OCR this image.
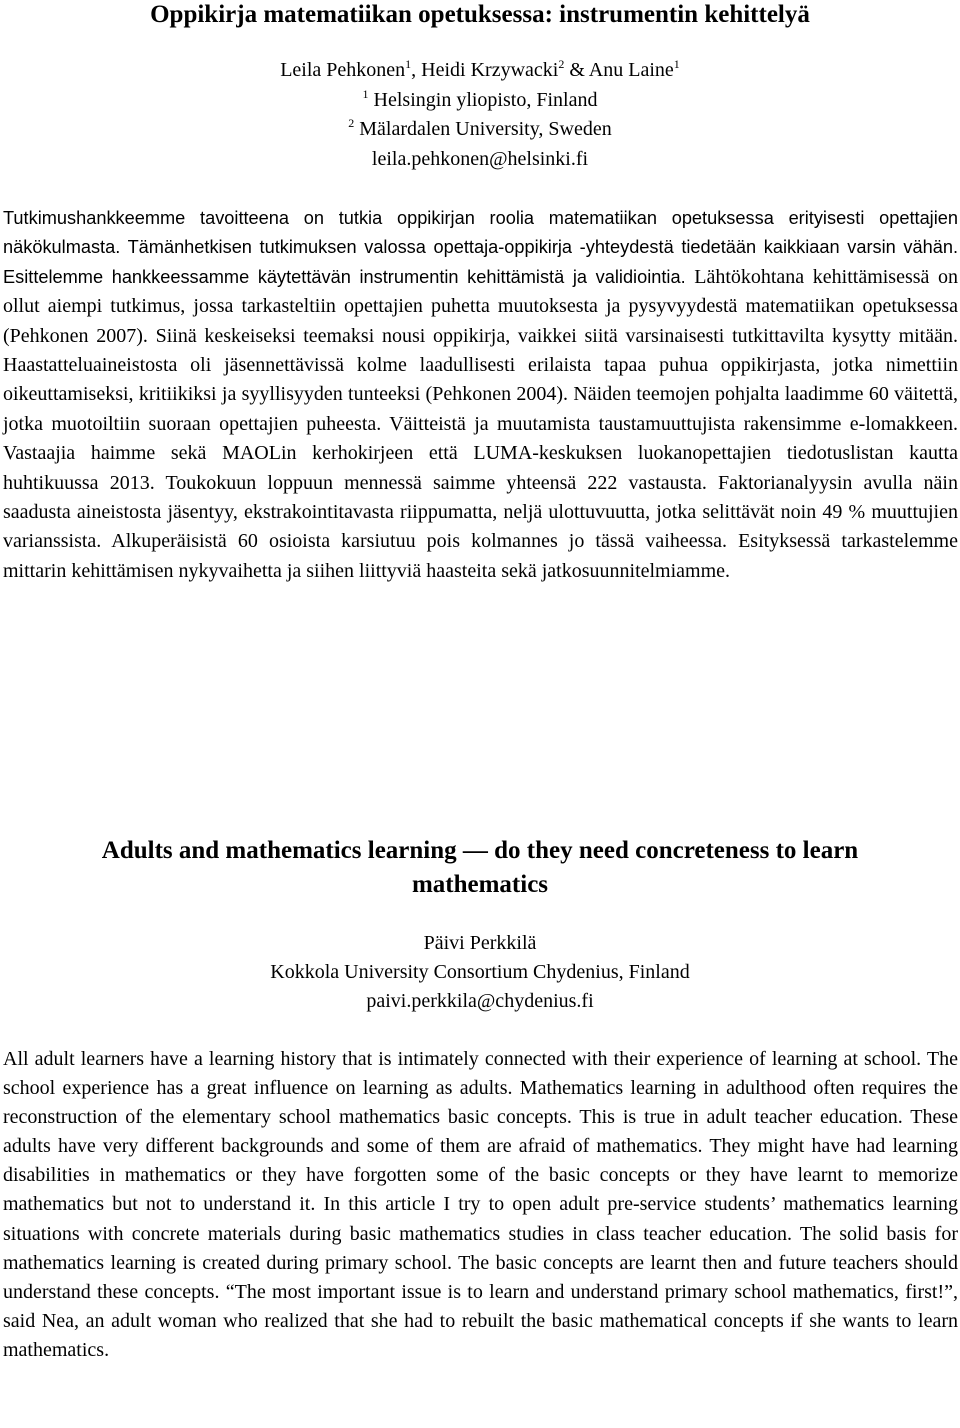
Oppikirja matematiikan opetuksessa: instrumentin kehittelyä
Leila Pehkonen$^1$, Heidi Krzywacki$^2$ & Anu Laine$^1$
$^1$ Helsingin yliopisto, Finland
$^2$ Mälardalen University, Sweden
leila.pehkonen@helsinki.fi
Tutkimushankkeemme tavoitteena on tutkia oppikirjan roolia matematiikan opetuksessa erityisesti opettajien näkökulmasta. Tämänhetkisen tutkimuksen valossa opettaja-oppikirja -yhteydestä tiedetään kaikkiaan varsin vähän. Esittelemme hankkeessamme käytettävän instrumentin kehittämistä ja validiointia. Lähtökohtana kehittämisessä on ollut aiempi tutkimus, jossa tarkasteltiin opettajien puhetta muutoksesta ja pysyvyydestä matematiikan opetuksessa (Pehkonen 2007). Siinä keskeiseksi teemaksi nousi oppikirja, vaikkei siitä varsinaisesti tutkittavilta kysytty mitään. Haastatteluaineistosta oli jäsennettävissä kolme laadullisesti erilaista tapaa puhua oppikirjasta, jotka nimettiin oikeuttamiseksi, kritiikiksi ja syyllisyyden tunteeksi (Pehkonen 2004). Näiden teemojen pohjalta laadimme 60 väitettä, jotka muotoiltiin suoraan opettajien puheesta. Väitteistä ja muutamista taustamuuttujista rakensimme e-lomakkeen. Vastaajia haimme sekä MAOLin kerhokirjeen että LUMA-keskuksen luokanopettajien tiedotuslistan kautta huhtikuussa 2013. Toukokuun loppuun mennessä saimme yhteensä 222 vastausta. Faktorianalyysin avulla näin saadusta aineistosta jäsentyy, ekstrakointitavasta riippumatta, neljä ulottuvuutta, jotka selittävät noin 49 % muuttujien varianssista. Alkuperäisistä 60 osioista karsiutuu pois kolmannes jo tässä vaiheessa. Esityksessä tarkastelemme mittarin kehittämisen nykyvaihetta ja siihen liittyviä haasteita sekä jatkosuunnitelmiamme.
Adults and mathematics learning — do they need concreteness to learn
mathematics
Päivi Perkkilä
Kokkola University Consortium Chydenius, Finland
paivi.perkkila@chydenius.fi
All adult learners have a learning history that is intimately connected with their experience of learning at school. The school experience has a great influence on learning as adults. Mathematics learning in adulthood often requires the reconstruction of the elementary school mathematics basic concepts. This is true in adult teacher education. These adults have very different backgrounds and some of them are afraid of mathematics. They might have had learning disabilities in mathematics or they have forgotten some of the basic concepts or they have learnt to memorize mathematics but not to understand it. In this article I try to open adult pre-service students’ mathematics learning situations with concrete materials during basic mathematics studies in class teacher education. The solid basis for mathematics learning is created during primary school. The basic concepts are learnt then and future teachers should understand these concepts. “The most important issue is to learn and understand primary school mathematics, first!”, said Nea, an adult woman who realized that she had to rebuilt the basic mathematical concepts if she wants to learn mathematics.
